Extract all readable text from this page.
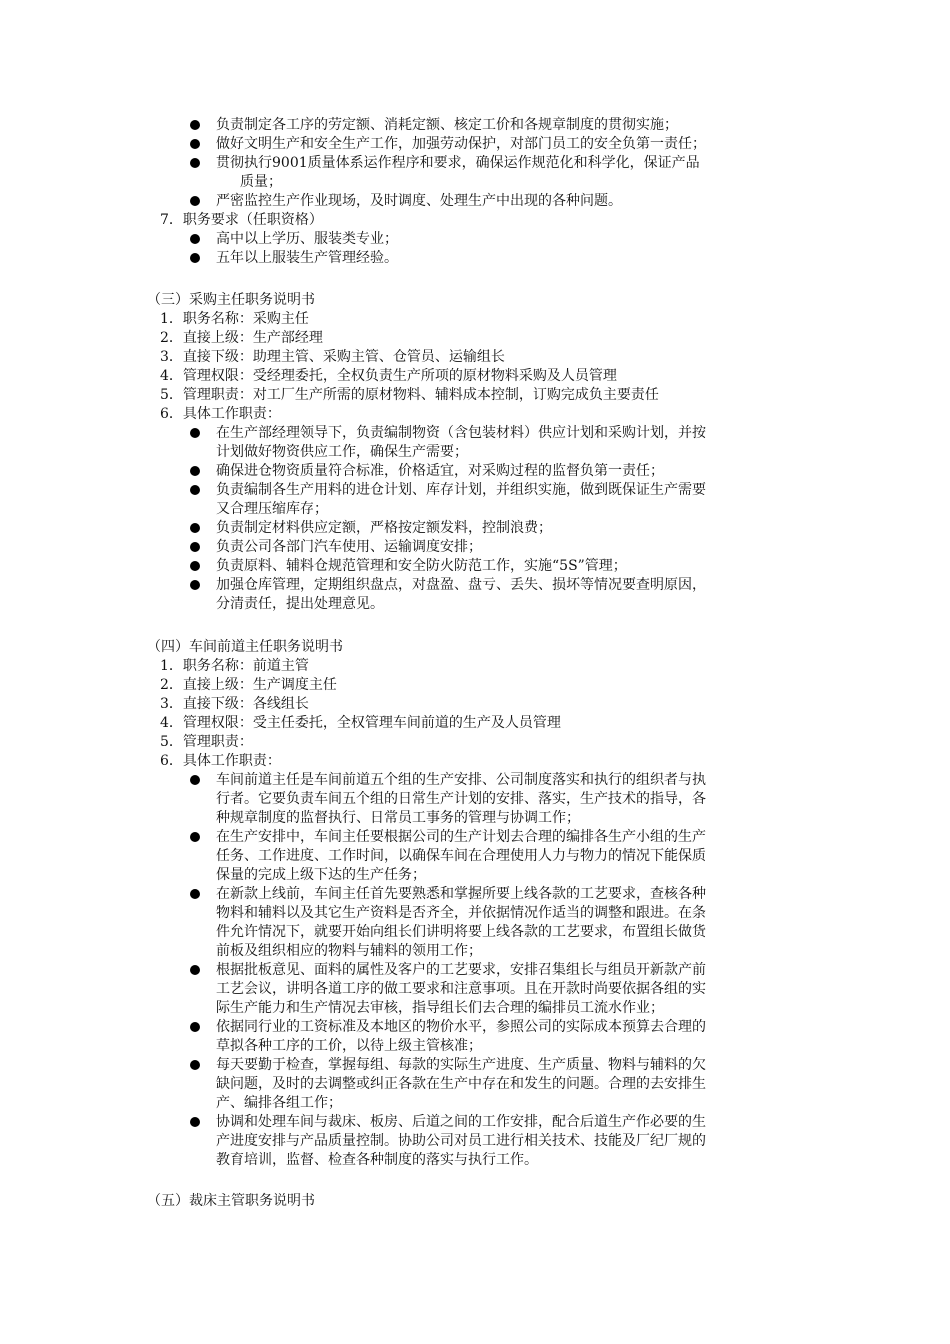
负责制定各工序的劳定额、消耗定额、核定工价和各规章制度的贯彻实施；
做好文明生产和安全生产工作，加强劳动保护，对部门员工的安全负第一责任；
贯彻执行9001质量体系运作程序和要求，确保运作规范化和科学化，保证产品
质量；
严密监控生产作业现场，及时调度、处理生产中出现的各种问题。
7．职务要求（任职资格）
高中以上学历、服装类专业；
五年以上服装生产管理经验。
（三）采购主任职务说明书
1．职务名称：采购主任
2．直接上级：生产部经理
3．直接下级：助理主管、采购主管、仓管员、运输组长
4．管理权限：受经理委托，全权负责生产所项的原材物料采购及人员管理
5．管理职责：对工厂生产所需的原材物料、辅料成本控制，订购完成负主要责任
6．具体工作职责：
在生产部经理领导下，负责编制物资（含包装材料）供应计划和采购计划，并按
计划做好物资供应工作，确保生产需要；
确保进仓物资质量符合标准，价格适宜，对采购过程的监督负第一责任；
负责编制各生产用料的进仓计划、库存计划，并组织实施，做到既保证生产需要
又合理压缩库存；
负责制定材料供应定额，严格按定额发料，控制浪费；
负责公司各部门汽车使用、运输调度安排；
负责原料、辅料仓规范管理和安全防火防范工作，实施“5S”管理；
加强仓库管理，定期组织盘点，对盘盈、盘亏、丢失、损坏等情况要查明原因，
分清责任，提出处理意见。
（四）车间前道主任职务说明书
1．职务名称：前道主管
2．直接上级：生产调度主任
3．直接下级：各线组长
4．管理权限：受主任委托，全权管理车间前道的生产及人员管理
5．管理职责：
6．具体工作职责：
车间前道主任是车间前道五个组的生产安排、公司制度落实和执行的组织者与执
行者。它要负责车间五个组的日常生产计划的安排、落实，生产技术的指导，各
种规章制度的监督执行、日常员工事务的管理与协调工作；
在生产安排中，车间主任要根据公司的生产计划去合理的编排各生产小组的生产
任务、工作进度、工作时间，以确保车间在合理使用人力与物力的情况下能保质
保量的完成上级下达的生产任务；
在新款上线前，车间主任首先要熟悉和掌握所要上线各款的工艺要求，查核各种
物料和辅料以及其它生产资料是否齐全，并依据情况作适当的调整和跟进。在条
件允许情况下，就要开始向组长们讲明将要上线各款的工艺要求，布置组长做货
前板及组织相应的物料与辅料的领用工作；
根据批板意见、面料的属性及客户的工艺要求，安排召集组长与组员开新款产前
工艺会议，讲明各道工序的做工要求和注意事项。且在开款时尚要依据各组的实
际生产能力和生产情况去审核，指导组长们去合理的编排员工流水作业；
依据同行业的工资标准及本地区的物价水平，参照公司的实际成本预算去合理的
草拟各种工序的工价，以待上级主管核准；
每天要勤于检查，掌握每组、每款的实际生产进度、生产质量、物料与辅料的欠
缺问题，及时的去调整或纠正各款在生产中存在和发生的问题。合理的去安排生
产、编排各组工作；
协调和处理车间与裁床、板房、后道之间的工作安排，配合后道生产作必要的生
产进度安排与产品质量控制。协助公司对员工进行相关技术、技能及厂纪厂规的
教育培训，监督、检查各种制度的落实与执行工作。
（五）裁床主管职务说明书
